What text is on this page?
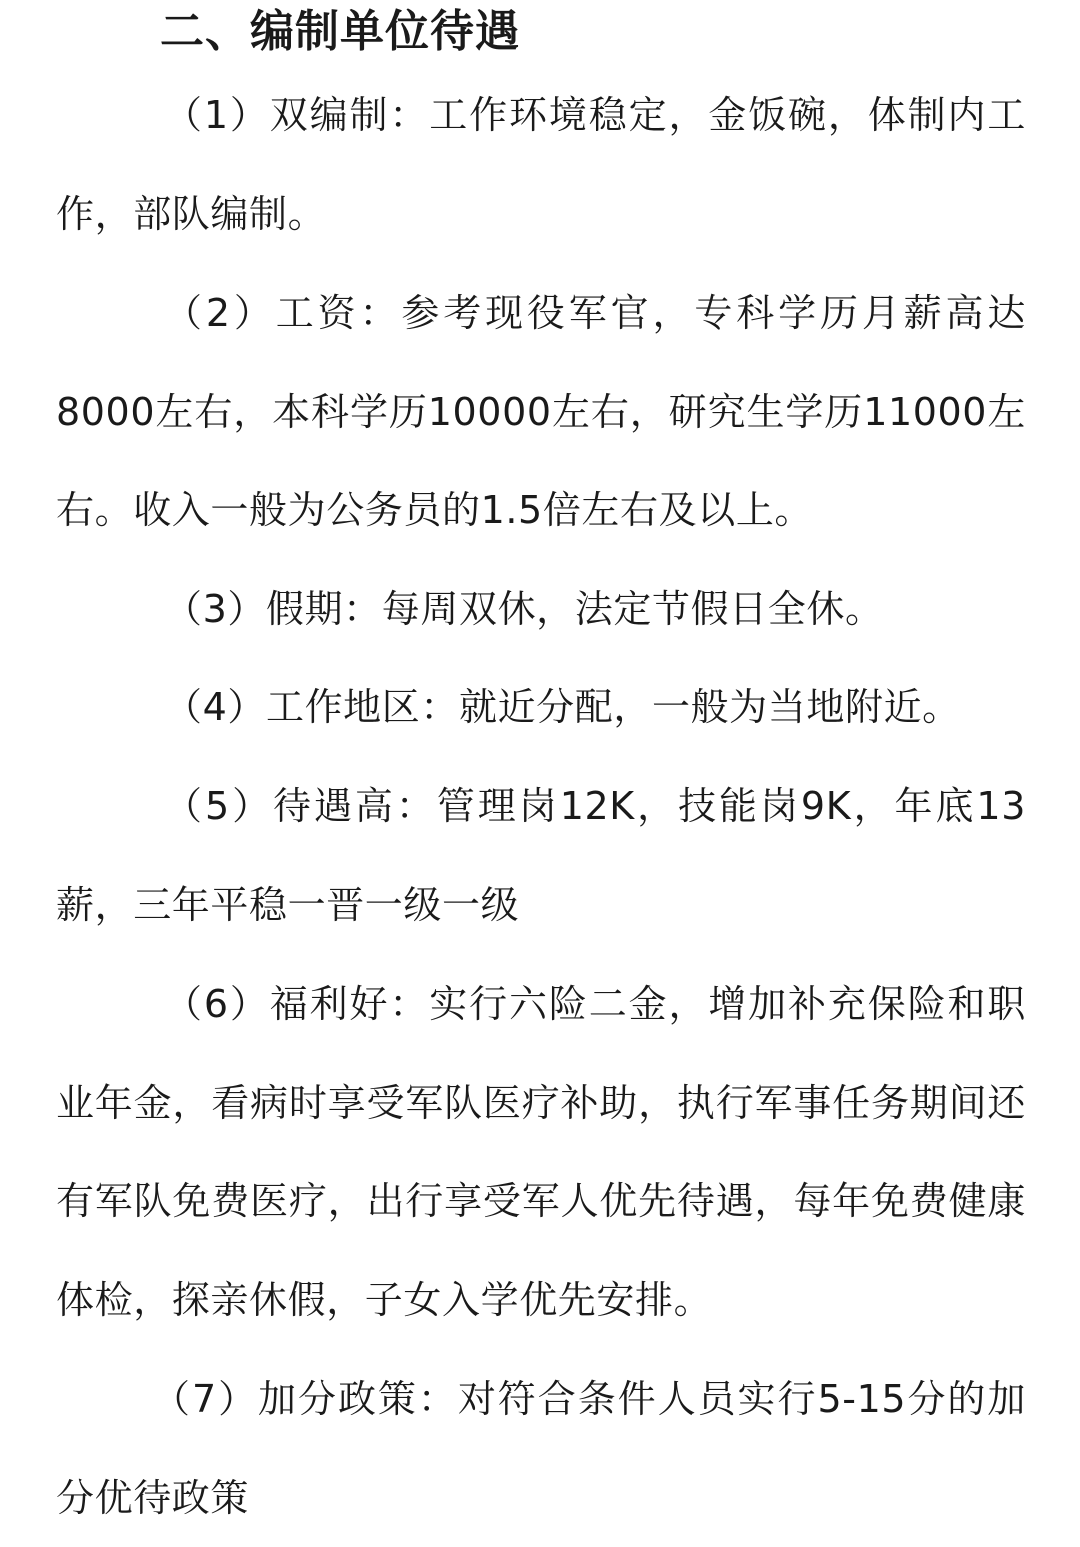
二、编制单位待遇

（1）双编制：工作环境稳定，金饭碗，体制内工作，部队编制。

（2）工资：参考现役军官，专科学历月薪高达8000左右，本科学历10000左右，研究生学历11000左右。收入一般为公务员的1.5倍左右及以上。

（3）假期：每周双休，法定节假日全休。

（4）工作地区：就近分配，一般为当地附近。

（5）待遇高：管理岗12K，技能岗9K，年底13薪，三年平稳一晋一级一级

（6）福利好：实行六险二金，增加补充保险和职业年金，看病时享受军队医疗补助，执行军事任务期间还有军队免费医疗，出行享受军人优先待遇，每年免费健康体检，探亲休假，子女入学优先安排。

（7）加分政策：对符合条件人员实行5-15分的加分优待政策
